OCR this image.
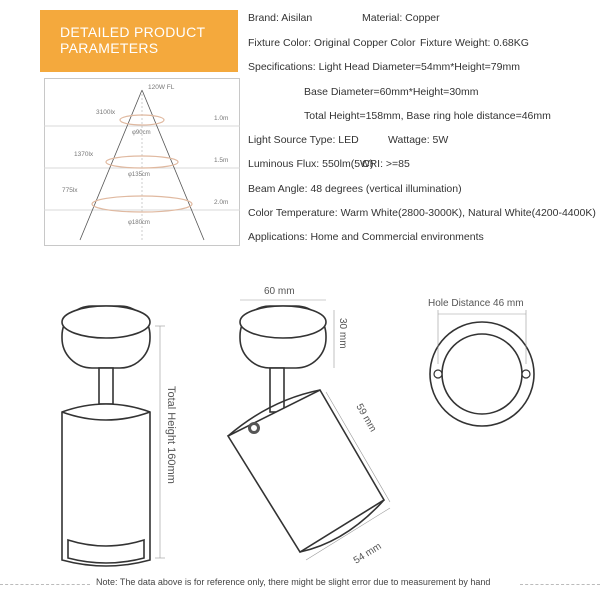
DETAILED PRODUCT
PARAMETERS
120W FL
3100lx
φ90cm
1.0m
1370lx
φ135cm
1.5m
775lx
φ180cm
2.0m
Brand: Aisilan	Material: Copper
Fixture Color: Original Copper Color Fixture Weight: 0.68KG
Specifications: Light Head Diameter=54mm*Height=79mm
Base Diameter=60mm*Height=30mm
Total Height=158mm, Base ring hole distance=46mm
Light Source Type: LED	Wattage: 5W
Luminous Flux: 550lm(5W)
CRI: >=85
Beam Angle: 48 degrees (vertical illumination)
Color Temperature: Warm White(2800-3000K), Natural White(4200-4400K)
Applications: Home and Commercial environments
60 mm
30 mm
59 mm
54 mm
Total Height 160mm
Hole Distance 46 mm
Note: The data above is for reference only, there might be slight error due to measurement by hand
